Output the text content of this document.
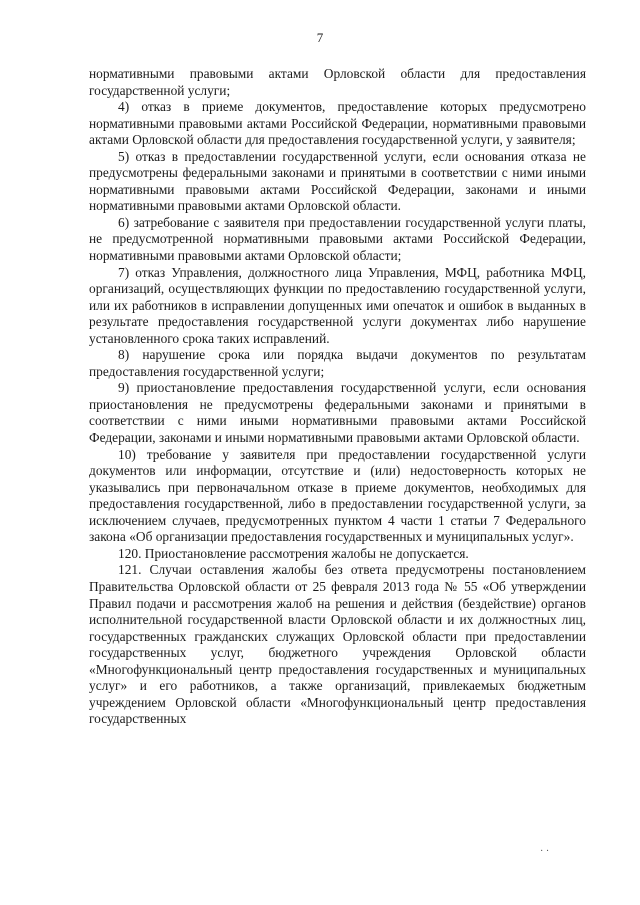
7

нормативными правовыми актами Орловской области для предоставления государственной услуги;

4) отказ в приеме документов, предоставление которых предусмотрено нормативными правовыми актами Российской Федерации, нормативными правовыми актами Орловской области для предоставления государственной услуги, у заявителя;

5) отказ в предоставлении государственной услуги, если основания отказа не предусмотрены федеральными законами и принятыми в соответствии с ними иными нормативными правовыми актами Российской Федерации, законами и иными нормативными правовыми актами Орловской области.

6) затребование с заявителя при предоставлении государственной услуги платы, не предусмотренной нормативными правовыми актами Российской Федерации, нормативными правовыми актами Орловской области;

7) отказ Управления, должностного лица Управления, МФЦ, работника МФЦ, организаций, осуществляющих функции по предоставлению государственной услуги, или их работников в исправлении допущенных ими опечаток и ошибок в выданных в результате предоставления государственной услуги документах либо нарушение установленного срока таких исправлений.

8) нарушение срока или порядка выдачи документов по результатам предоставления государственной услуги;

9) приостановление предоставления государственной услуги, если основания приостановления не предусмотрены федеральными законами и принятыми в соответствии с ними иными нормативными правовыми актами Российской Федерации, законами и иными нормативными правовыми актами Орловской области.

10) требование у заявителя при предоставлении государственной услуги документов или информации, отсутствие и (или) недостоверность которых не указывались при первоначальном отказе в приеме документов, необходимых для предоставления государственной, либо в предоставлении государственной услуги, за исключением случаев, предусмотренных пунктом 4 части 1 статьи 7 Федерального закона «Об организации предоставления государственных и муниципальных услуг».

120. Приостановление рассмотрения жалобы не допускается.

121. Случаи оставления жалобы без ответа предусмотрены постановлением Правительства Орловской области от 25 февраля 2013 года № 55 «Об утверждении Правил подачи и рассмотрения жалоб на решения и действия (бездействие) органов исполнительной государственной власти Орловской области и их должностных лиц, государственных гражданских служащих Орловской области при предоставлении государственных услуг, бюджетного учреждения Орловской области «Многофункциональный центр предоставления государственных и муниципальных услуг» и его работников, а также организаций, привлекаемых бюджетным учреждением Орловской области «Многофункциональный центр предоставления государственных

· ·
